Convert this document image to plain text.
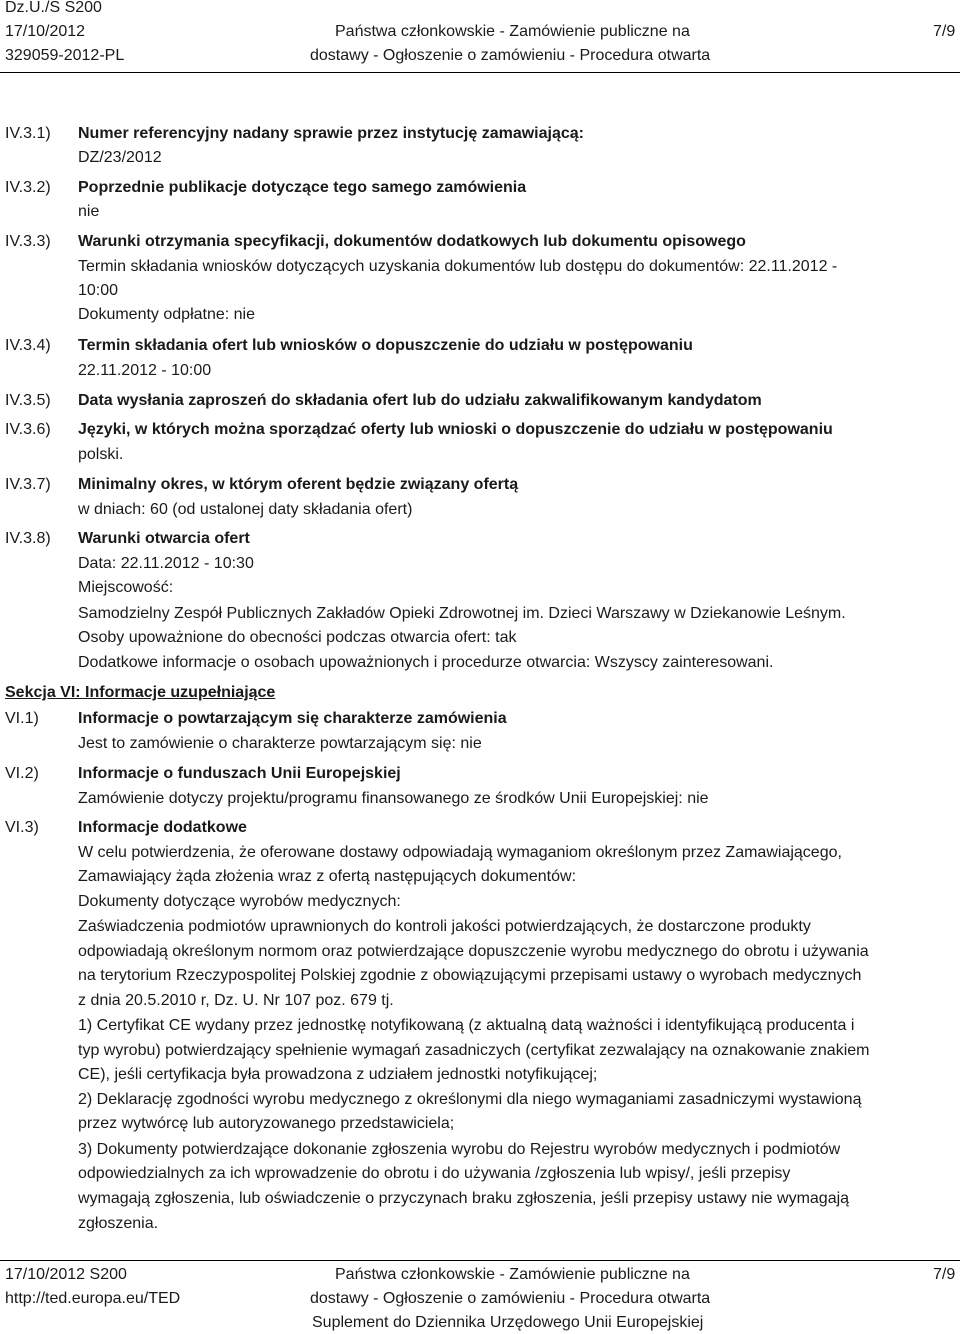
Dz.U./S S200
17/10/2012
329059-2012-PL
Państwa członkowskie - Zamówienie publiczne na
dostawy - Ogłoszenie o zamówieniu - Procedura otwarta
7/9
IV.3.1) Numer referencyjny nadany sprawie przez instytucję zamawiającą:
DZ/23/2012
IV.3.2) Poprzednie publikacje dotyczące tego samego zamówienia
nie
IV.3.3) Warunki otrzymania specyfikacji, dokumentów dodatkowych lub dokumentu opisowego
Termin składania wniosków dotyczących uzyskania dokumentów lub dostępu do dokumentów: 22.11.2012 -
10:00
Dokumenty odpłatne: nie
IV.3.4) Termin składania ofert lub wniosków o dopuszczenie do udziału w postępowaniu
22.11.2012 - 10:00
IV.3.5) Data wysłania zaproszeń do składania ofert lub do udziału zakwalifikowanym kandydatom
IV.3.6) Języki, w których można sporządzać oferty lub wnioski o dopuszczenie do udziału w postępowaniu
polski.
IV.3.7) Minimalny okres, w którym oferent będzie związany ofertą
w dniach: 60 (od ustalonej daty składania ofert)
IV.3.8) Warunki otwarcia ofert
Data: 22.11.2012 - 10:30
Miejscowość:
Samodzielny Zespół Publicznych Zakładów Opieki Zdrowotnej im. Dzieci Warszawy w Dziekanowie Leśnym.
Osoby upoważnione do obecności podczas otwarcia ofert: tak
Dodatkowe informacje o osobach upoważnionych i procedurze otwarcia: Wszyscy zainteresowani.
Sekcja VI: Informacje uzupełniające
VI.1) Informacje o powtarzającym się charakterze zamówienia
Jest to zamówienie o charakterze powtarzającym się: nie
VI.2) Informacje o funduszach Unii Europejskiej
Zamówienie dotyczy projektu/programu finansowanego ze środków Unii Europejskiej: nie
VI.3) Informacje dodatkowe
W celu potwierdzenia, że oferowane dostawy odpowiadają wymaganiom określonym przez Zamawiającego,
Zamawiający żąda złożenia wraz z ofertą następujących dokumentów:
Dokumenty dotyczące wyrobów medycznych:
Zaświadczenia podmiotów uprawnionych do kontroli jakości potwierdzających, że dostarczone produkty
odpowiadają określonym normom oraz potwierdzające dopuszczenie wyrobu medycznego do obrotu i używania
na terytorium Rzeczypospolitej Polskiej zgodnie z obowiązującymi przepisami ustawy o wyrobach medycznych
z dnia 20.5.2010 r, Dz. U. Nr 107 poz. 679 tj.
1) Certyfikat CE wydany przez jednostkę notyfikowaną (z aktualną datą ważności i identyfikującą producenta i
typ wyrobu) potwierdzający spełnienie wymagań zasadniczych (certyfikat zezwalający na oznakowanie znakiem
CE), jeśli certyfikacja była prowadzona z udziałem jednostki notyfikującej;
2) Deklarację zgodności wyrobu medycznego z określonymi dla niego wymaganiami zasadniczymi wystawioną
przez wytwórcę lub autoryzowanego przedstawiciela;
3) Dokumenty potwierdzające dokonanie zgłoszenia wyrobu do Rejestru wyrobów medycznych i podmiotów
odpowiedzialnych za ich wprowadzenie do obrotu i do używania /zgłoszenia lub wpisy/, jeśli przepisy
wymagają zgłoszenia, lub oświadczenie o przyczynach braku zgłoszenia, jeśli przepisy ustawy nie wymagają
zgłoszenia.
17/10/2012 S200
http://ted.europa.eu/TED
Państwa członkowskie - Zamówienie publiczne na
dostawy - Ogłoszenie o zamówieniu - Procedura otwarta
Suplement do Dziennika Urzędowego Unii Europejskiej
7/9
